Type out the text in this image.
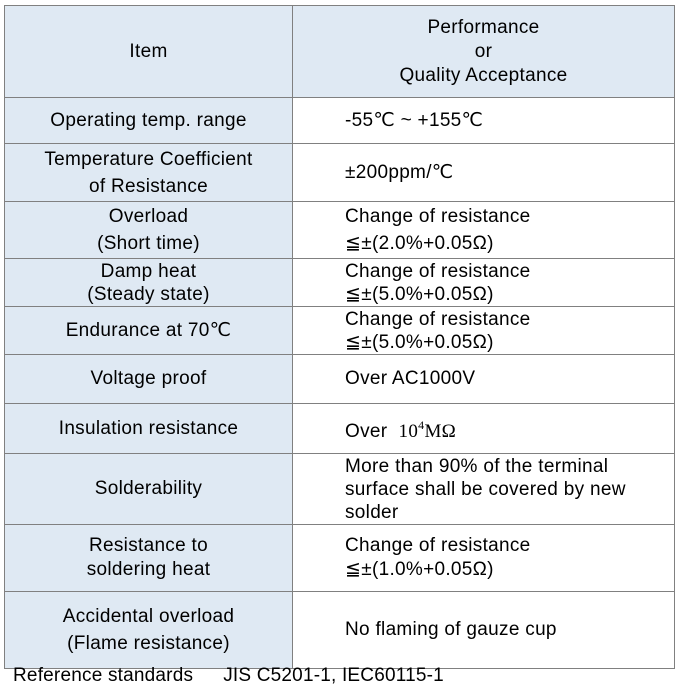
Item	Performance
or
Quality Acceptance

Operating temp. range	-55℃ ~ +155℃

Temperature Coefficient
of Resistance	±200ppm/℃

Overload
(Short time)	Change of resistance
≦±(2.0%+0.05Ω)

Damp heat
(Steady state)	Change of resistance
≦±(5.0%+0.05Ω)

Endurance at 70℃	Change of resistance
≦±(5.0%+0.05Ω)

Voltage proof	Over AC1000V

Insulation resistance	Over  $10^4M\Omega$

Solderability	More than 90% of the terminal
surface shall be covered by new
solder

Resistance to
soldering heat	Change of resistance
≦±(1.0%+0.05Ω)

Accidental overload
(Flame resistance)	No flaming of gauze cup
Reference standards JIS C5201-1, IEC60115-1
